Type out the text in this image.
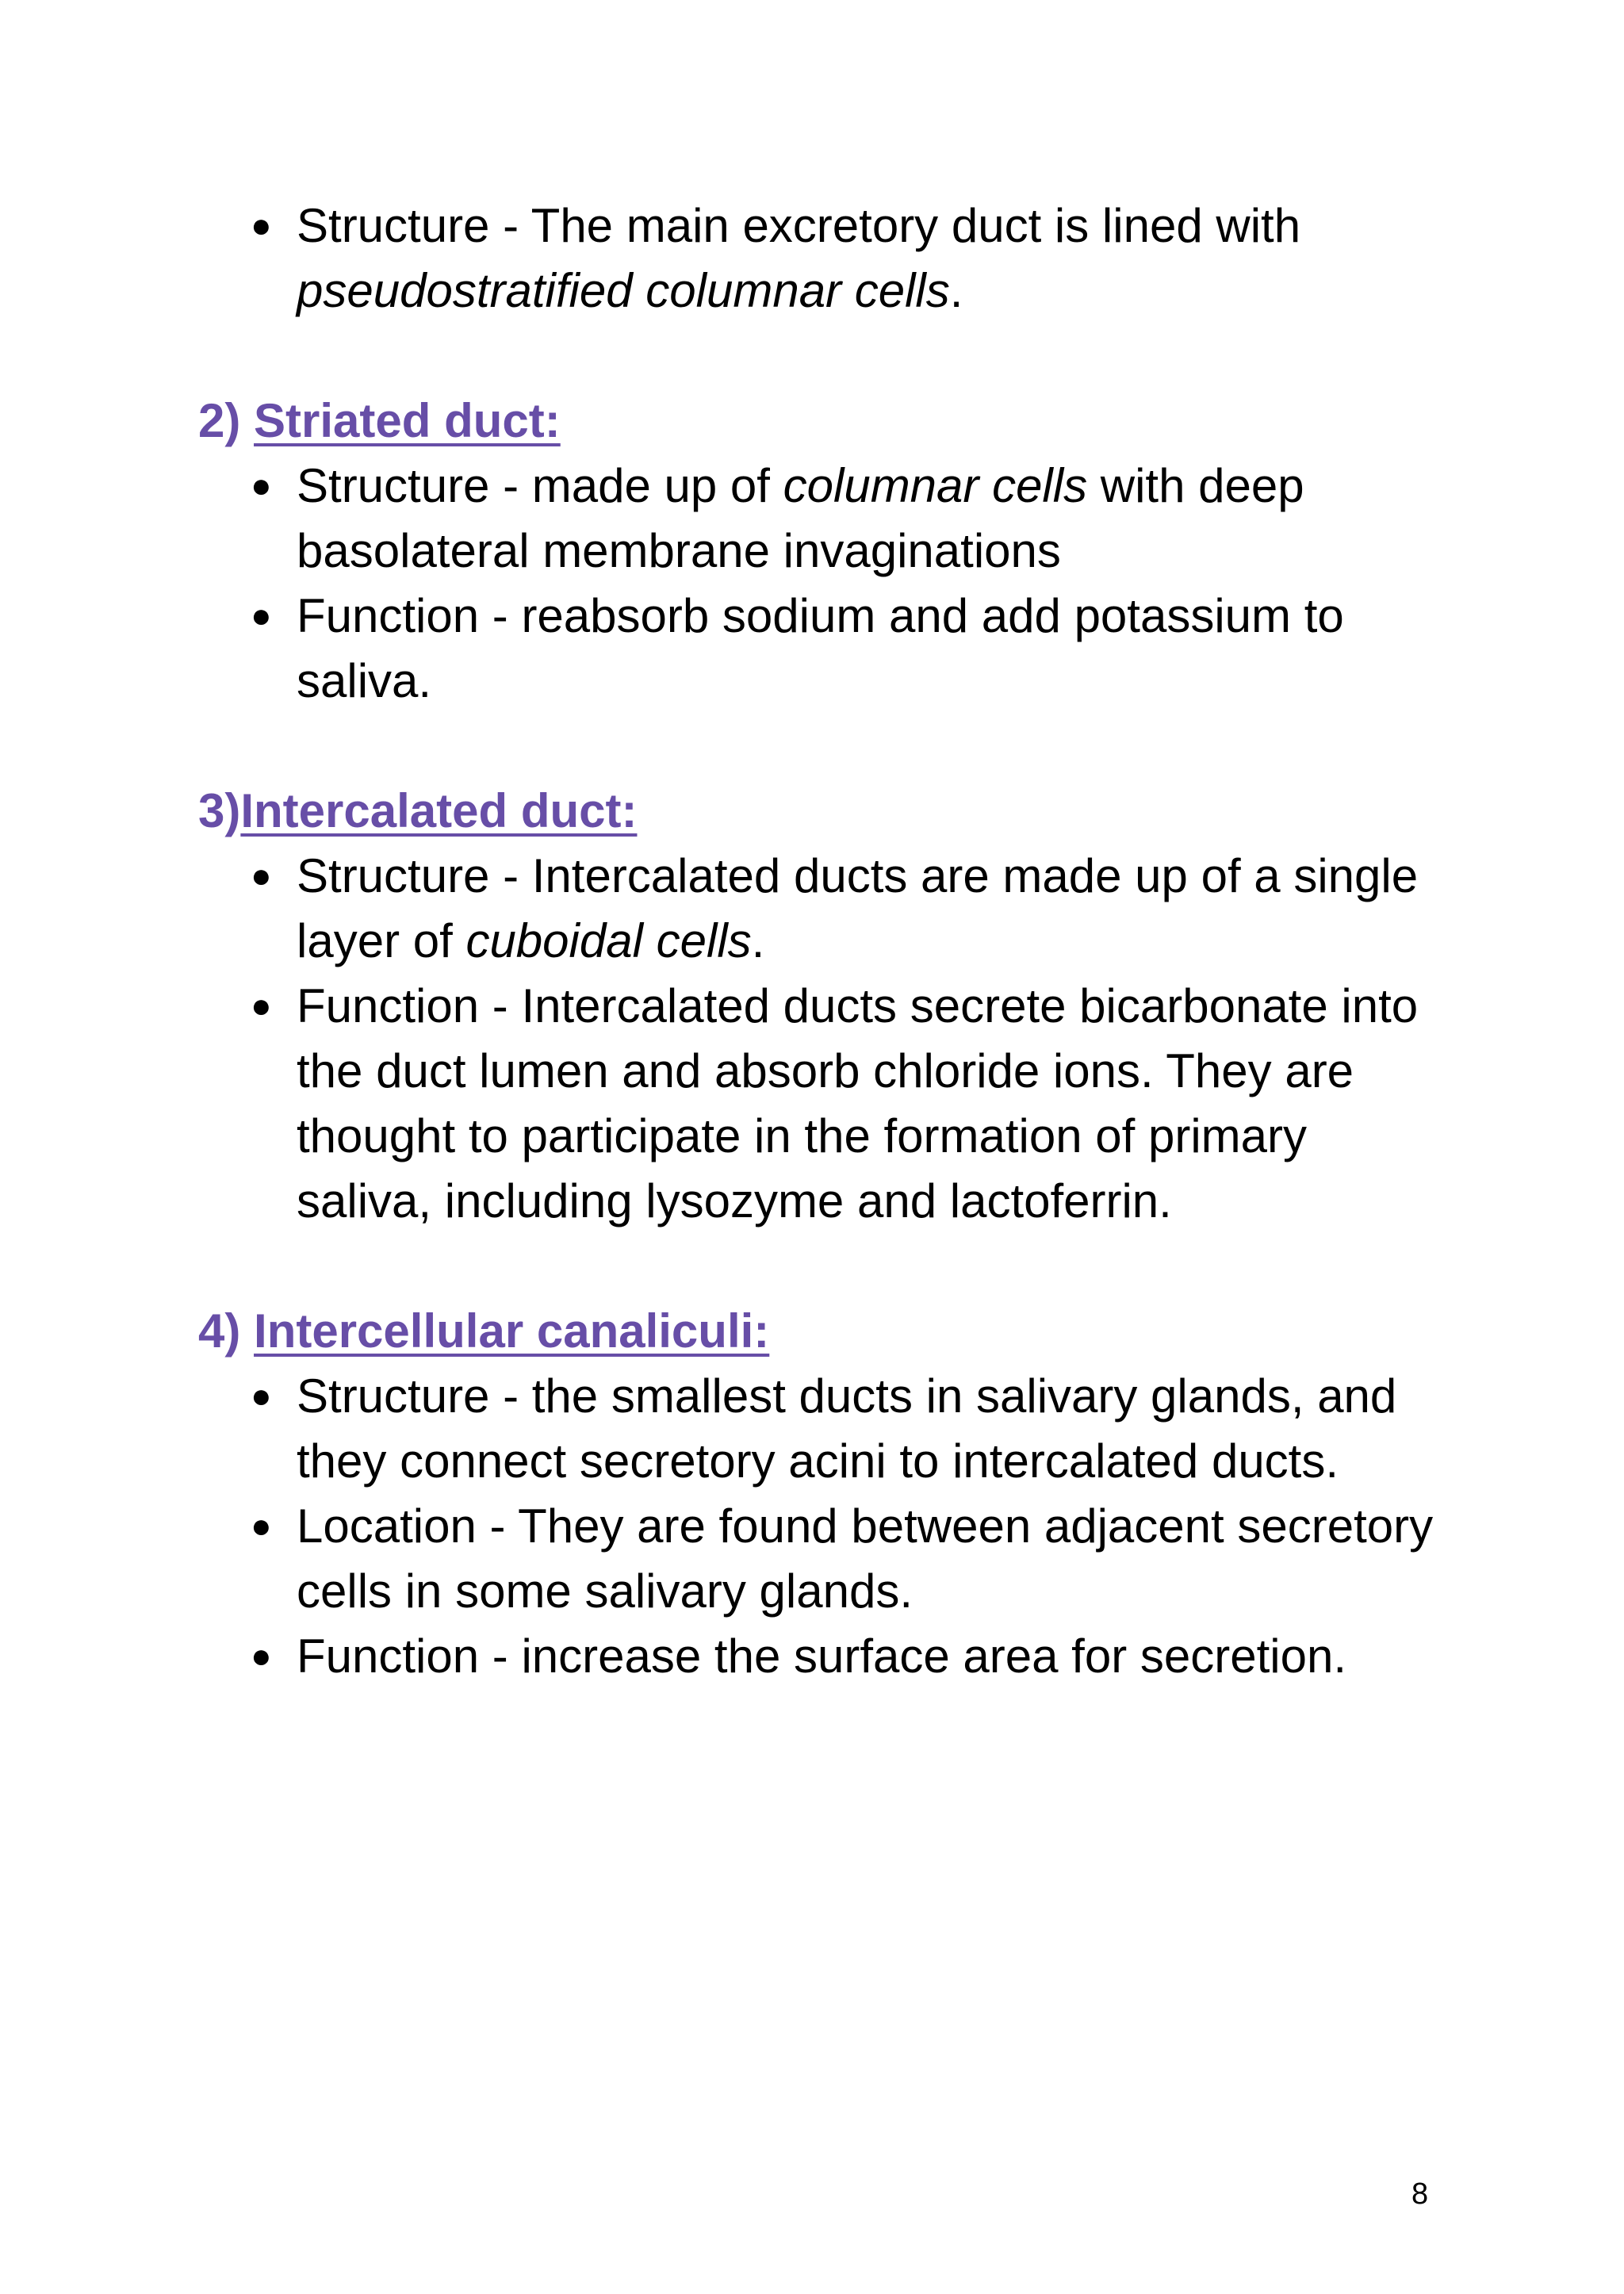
● Structure - The main excretory duct is lined with pseudostratified columnar cells.

2) Striated duct:

● Structure - made up of columnar cells with deep basolateral membrane invaginations
● Function - reabsorb sodium and add potassium to saliva.

3)Intercalated duct:

● Structure - Intercalated ducts are made up of a single layer of cuboidal cells.
● Function - Intercalated ducts secrete bicarbonate into the duct lumen and absorb chloride ions. They are thought to participate in the formation of primary saliva, including lysozyme and lactoferrin.

4) Intercellular canaliculi:

● Structure - the smallest ducts in salivary glands, and they connect secretory acini to intercalated ducts.
● Location - They are found between adjacent secretory cells in some salivary glands.
● Function - increase the surface area for secretion.
8
